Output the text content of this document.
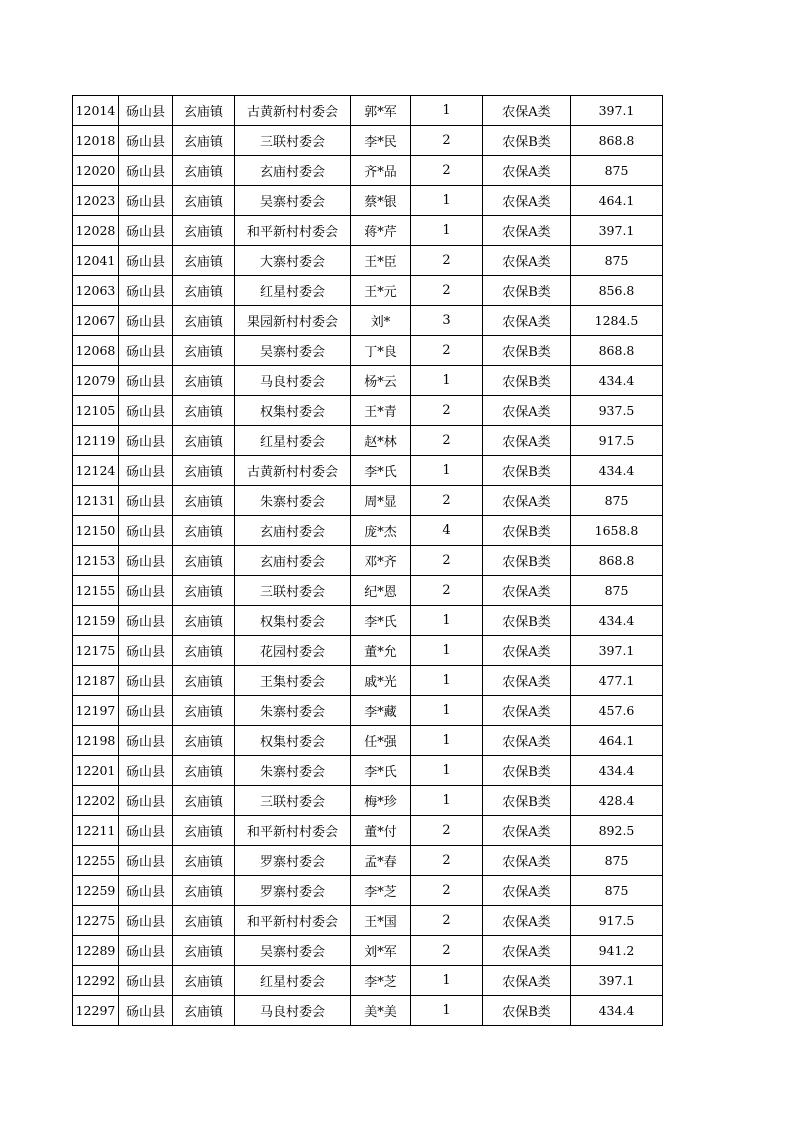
12014	砀山县	玄庙镇	古黄新村村委会	郭*军	1	农保A类	397.1
12018	砀山县	玄庙镇	三联村委会	李*民	2	农保B类	868.8
12020	砀山县	玄庙镇	玄庙村委会	齐*品	2	农保A类	875
12023	砀山县	玄庙镇	吴寨村委会	蔡*银	1	农保A类	464.1
12028	砀山县	玄庙镇	和平新村村委会	蒋*芹	1	农保A类	397.1
12041	砀山县	玄庙镇	大寨村委会	王*臣	2	农保A类	875
12063	砀山县	玄庙镇	红星村委会	王*元	2	农保B类	856.8
12067	砀山县	玄庙镇	果园新村村委会	刘*	3	农保A类	1284.5
12068	砀山县	玄庙镇	吴寨村委会	丁*良	2	农保B类	868.8
12079	砀山县	玄庙镇	马良村委会	杨*云	1	农保B类	434.4
12105	砀山县	玄庙镇	权集村委会	王*青	2	农保A类	937.5
12119	砀山县	玄庙镇	红星村委会	赵*林	2	农保A类	917.5
12124	砀山县	玄庙镇	古黄新村村委会	李*氏	1	农保B类	434.4
12131	砀山县	玄庙镇	朱寨村委会	周*显	2	农保A类	875
12150	砀山县	玄庙镇	玄庙村委会	庞*杰	4	农保B类	1658.8
12153	砀山县	玄庙镇	玄庙村委会	邓*齐	2	农保B类	868.8
12155	砀山县	玄庙镇	三联村委会	纪*恩	2	农保A类	875
12159	砀山县	玄庙镇	权集村委会	李*氏	1	农保B类	434.4
12175	砀山县	玄庙镇	花园村委会	董*允	1	农保A类	397.1
12187	砀山县	玄庙镇	王集村委会	戚*光	1	农保A类	477.1
12197	砀山县	玄庙镇	朱寨村委会	李*藏	1	农保A类	457.6
12198	砀山县	玄庙镇	权集村委会	任*强	1	农保A类	464.1
12201	砀山县	玄庙镇	朱寨村委会	李*氏	1	农保B类	434.4
12202	砀山县	玄庙镇	三联村委会	梅*珍	1	农保B类	428.4
12211	砀山县	玄庙镇	和平新村村委会	董*付	2	农保A类	892.5
12255	砀山县	玄庙镇	罗寨村委会	孟*春	2	农保A类	875
12259	砀山县	玄庙镇	罗寨村委会	李*芝	2	农保A类	875
12275	砀山县	玄庙镇	和平新村村委会	王*国	2	农保A类	917.5
12289	砀山县	玄庙镇	吴寨村委会	刘*军	2	农保A类	941.2
12292	砀山县	玄庙镇	红星村委会	李*芝	1	农保A类	397.1
12297	砀山县	玄庙镇	马良村委会	美*美	1	农保B类	434.4
